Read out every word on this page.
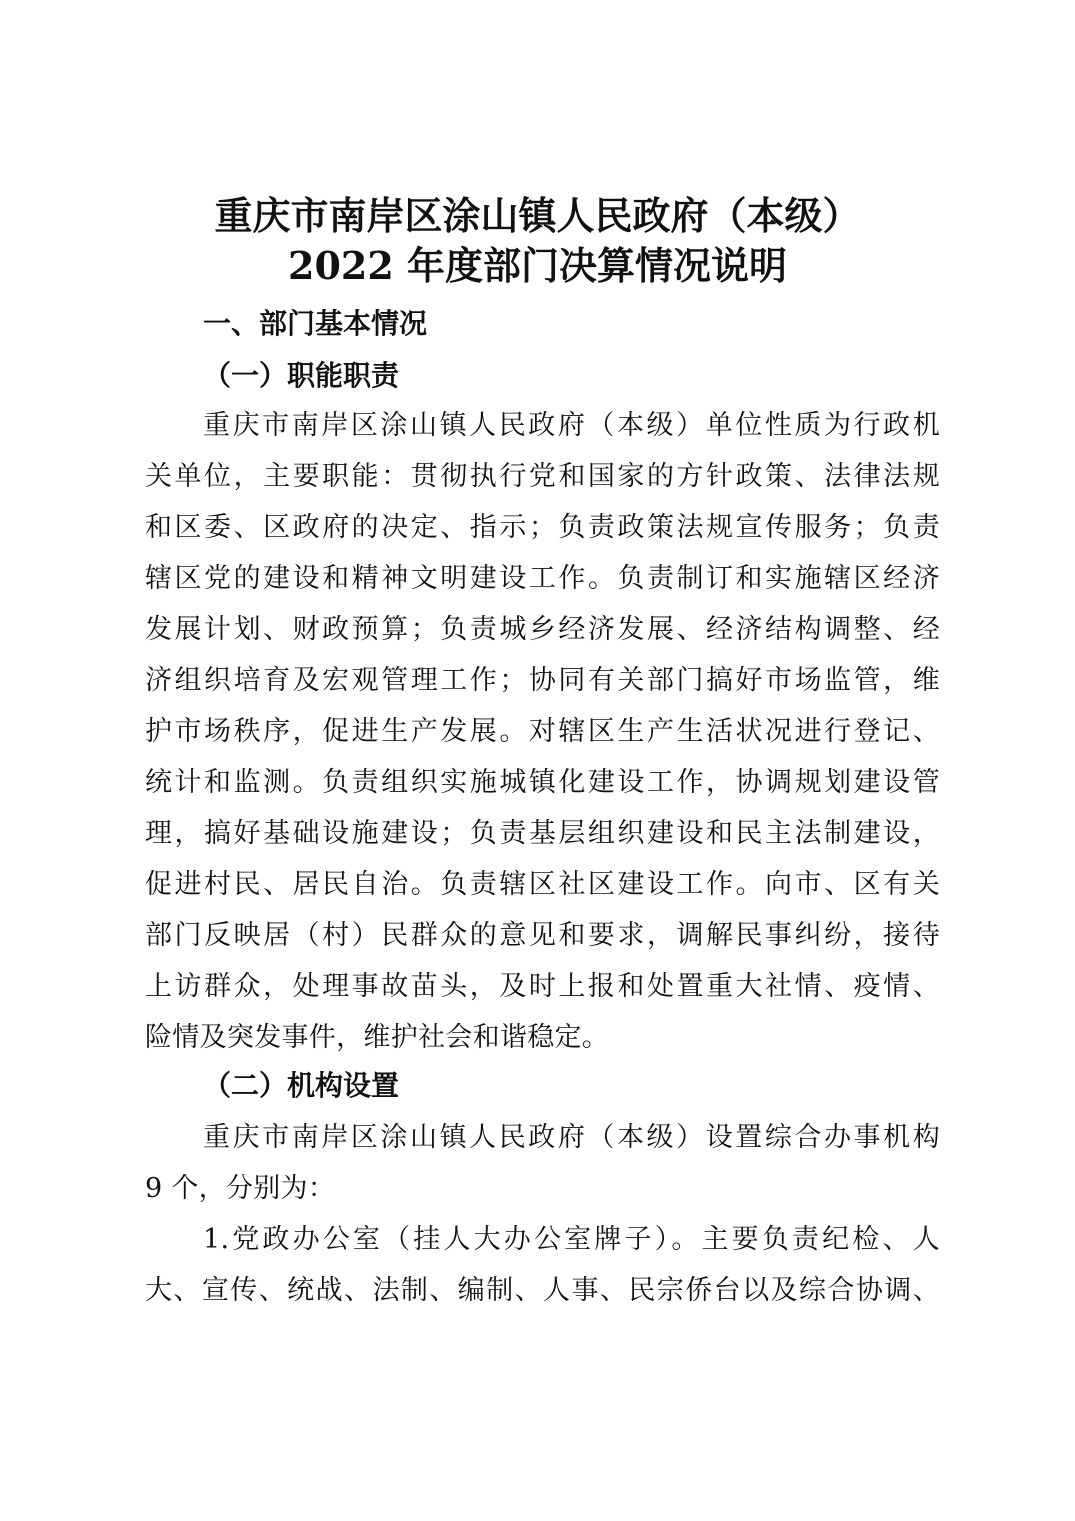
重庆市南岸区涂山镇人民政府（本级）
2022 年度部门决算情况说明
一、部门基本情况
（一）职能职责
重庆市南岸区涂山镇人民政府（本级）单位性质为行政机
关单位，主要职能：贯彻执行党和国家的方针政策、法律法规
和区委、区政府的决定、指示；负责政策法规宣传服务；负责
辖区党的建设和精神文明建设工作。负责制订和实施辖区经济
发展计划、财政预算；负责城乡经济发展、经济结构调整、经
济组织培育及宏观管理工作；协同有关部门搞好市场监管，维
护市场秩序，促进生产发展。对辖区生产生活状况进行登记、
统计和监测。负责组织实施城镇化建设工作，协调规划建设管
理，搞好基础设施建设；负责基层组织建设和民主法制建设，
促进村民、居民自治。负责辖区社区建设工作。向市、区有关
部门反映居（村）民群众的意见和要求，调解民事纠纷，接待
上访群众，处理事故苗头，及时上报和处置重大社情、疫情、
险情及突发事件，维护社会和谐稳定。
（二）机构设置
重庆市南岸区涂山镇人民政府（本级）设置综合办事机构
9 个，分别为：
1.党政办公室（挂人大办公室牌子）。主要负责纪检、人
大、宣传、统战、法制、编制、人事、民宗侨台以及综合协调、
